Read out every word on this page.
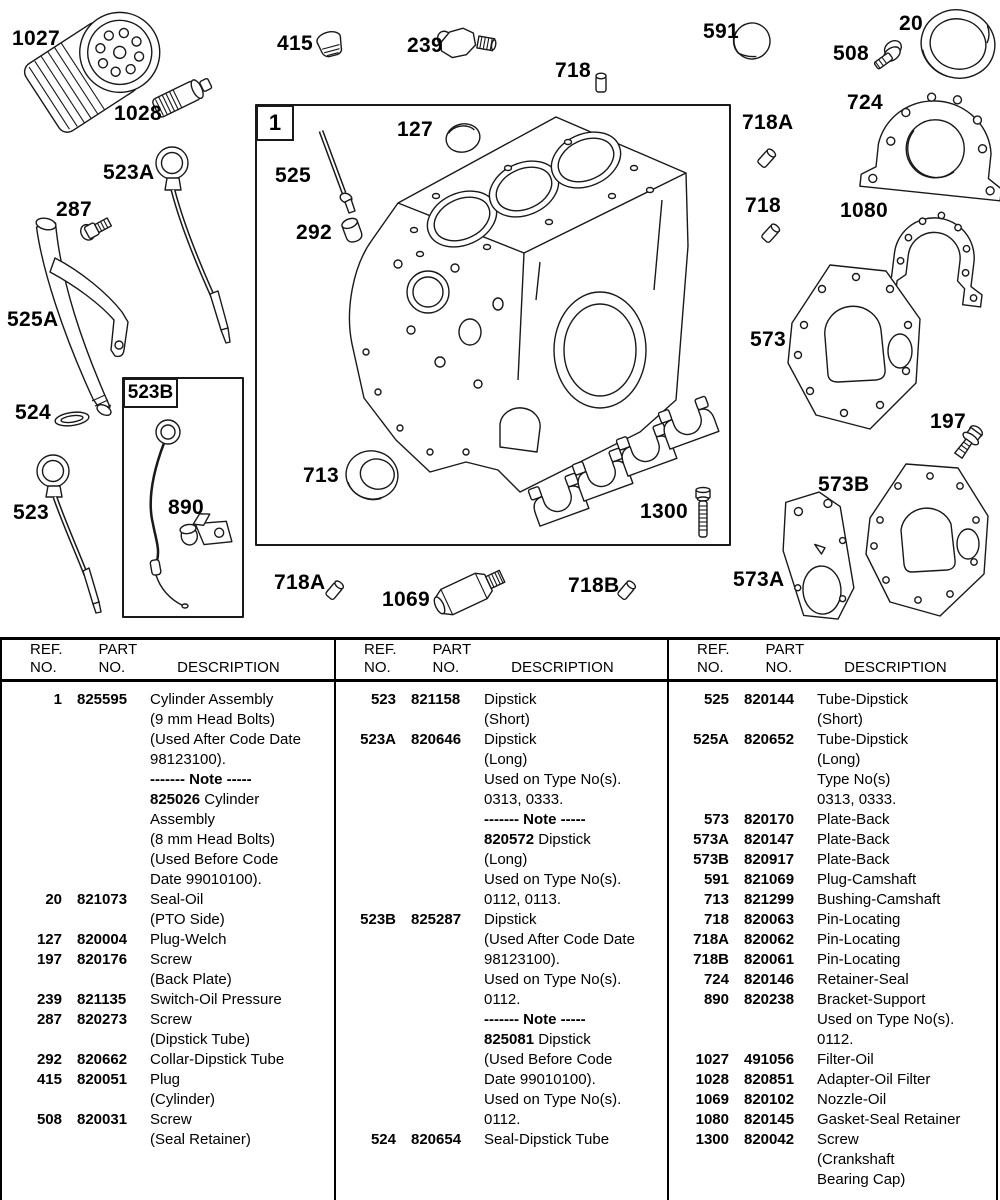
1
523B
1027
1028
415	239
718
591	20
508
724
718A
718	1080
523A
287
525A
524
523
573
197
573B
573A
718A
1069
718B
525
127
292
713
1300
890
REF.
NO.
PART
NO.	DESCRIPTION
1	825595	Cylinder Assembly
(9 mm Head Bolts)
(Used After Code Date
98123100).
------- Note -----
825026 Cylinder
Assembly
(8 mm Head Bolts)
(Used Before Code
Date 99010100).
20	821073	Seal-Oil
(PTO Side)
127	820004	Plug-Welch
197	820176	Screw
(Back Plate)
239	821135	Switch-Oil Pressure
287	820273	Screw
(Dipstick Tube)
292	820662	Collar-Dipstick Tube
415	820051	Plug
(Cylinder)
508	820031	Screw
(Seal Retainer)
REF.
NO.
PART
NO.	DESCRIPTION
523	821158	Dipstick
(Short)
523A	820646	Dipstick
(Long)
Used on Type No(s).
0313, 0333.
------- Note -----
820572 Dipstick
(Long)
Used on Type No(s).
0112, 0113.
523B	825287	Dipstick
(Used After Code Date
98123100).
Used on Type No(s).
0112.
------- Note -----
825081 Dipstick
(Used Before Code
Date 99010100).
Used on Type No(s).
0112.
524	820654	Seal-Dipstick Tube
REF.
NO.
PART
NO.	DESCRIPTION
525	820144	Tube-Dipstick
(Short)
525A	820652	Tube-Dipstick
(Long)
Type No(s)
0313, 0333.
573	820170	Plate-Back
573A	820147	Plate-Back
573B	820917	Plate-Back
591	821069	Plug-Camshaft
713	821299	Bushing-Camshaft
718	820063	Pin-Locating
718A	820062	Pin-Locating
718B	820061	Pin-Locating
724	820146	Retainer-Seal
890	820238	Bracket-Support
Used on Type No(s).
0112.
1027	491056	Filter-Oil
1028	820851	Adapter-Oil Filter
1069	820102	Nozzle-Oil
1080	820145	Gasket-Seal Retainer
1300	820042	Screw
(Crankshaft
Bearing Cap)
